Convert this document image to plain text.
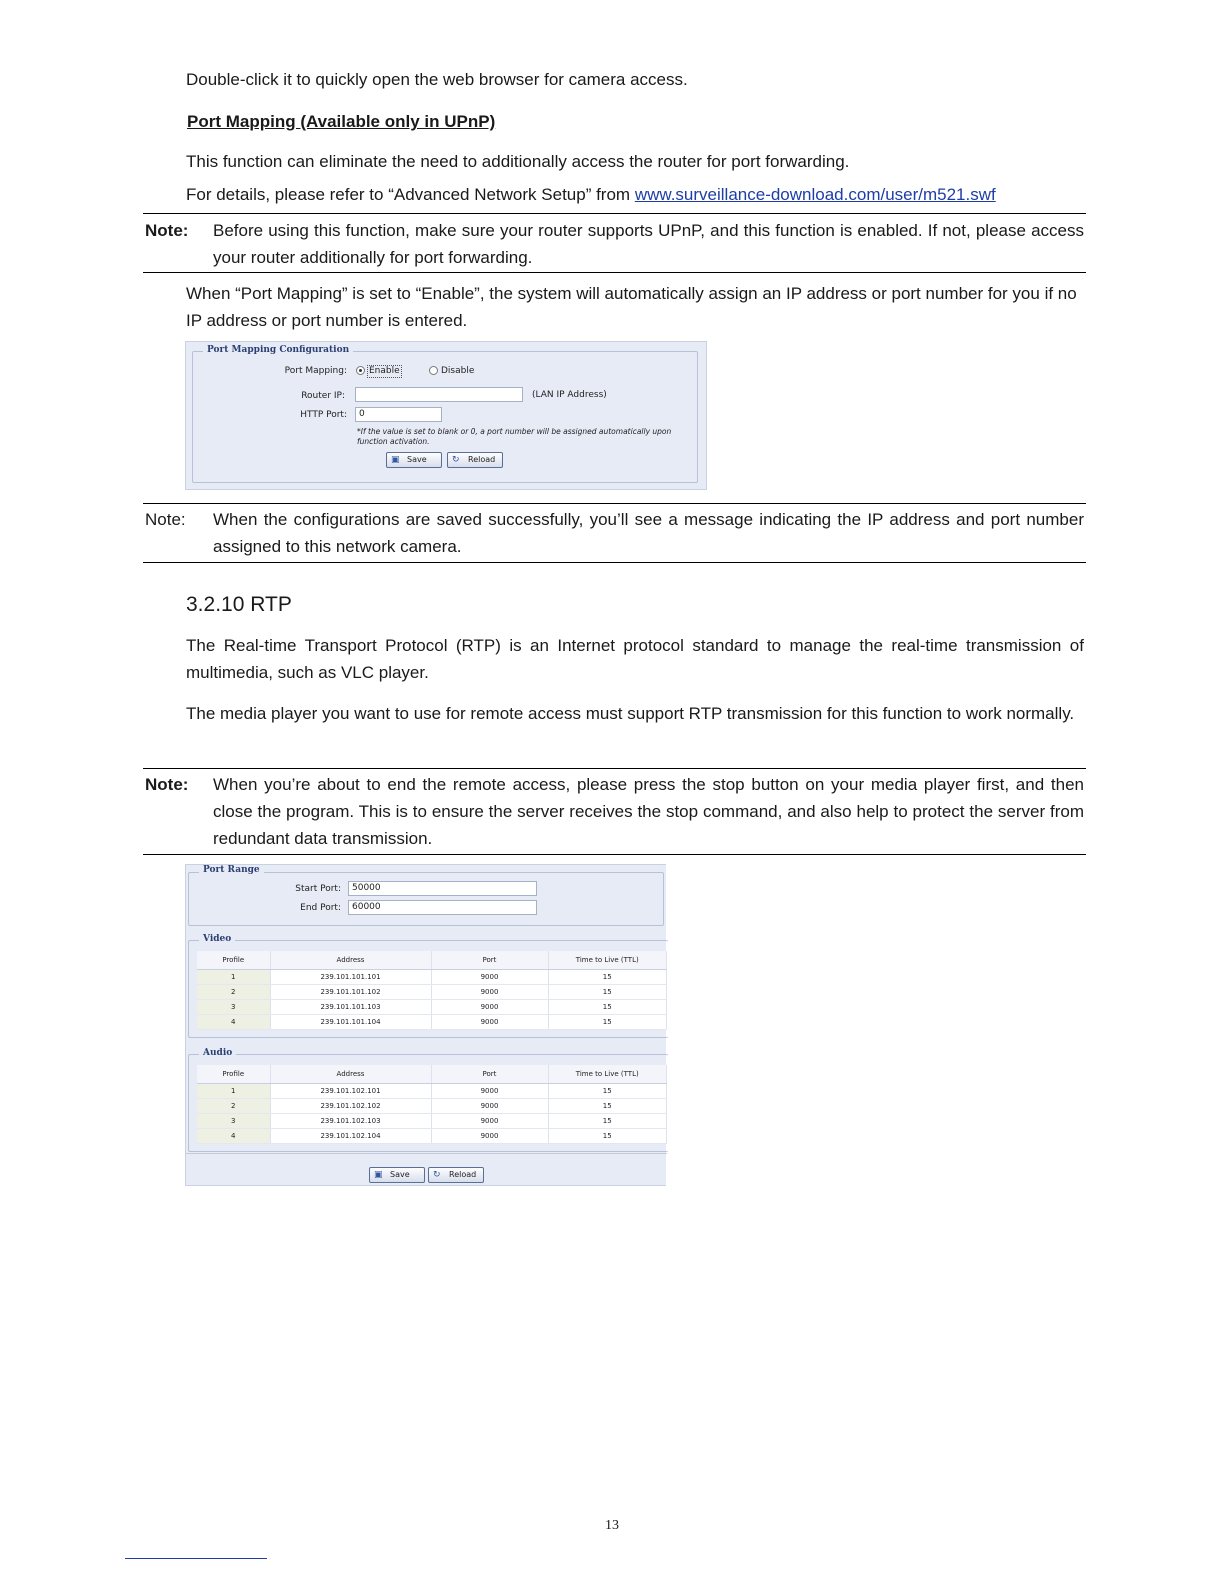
Double-click it to quickly open the web browser for camera access.
Port Mapping (Available only in UPnP)
This function can eliminate the need to additionally access the router for port forwarding.
For details, please refer to “Advanced Network Setup” from www.surveillance-download.com/user/m521.swf
Note: Before using this function, make sure your router supports UPnP, and this function is enabled. If not, please access your router additionally for port forwarding.
When “Port Mapping” is set to “Enable”, the system will automatically assign an IP address or port number for you if no IP address or port number is entered.
Port Mapping Configuration
Port Mapping: Enable	Disable
Router IP:	(LAN IP Address)
HTTP Port:	0
*If the value is set to blank or 0, a port number will be assigned automatically upon function activation.
▣ Save	↻	Reload
Note: When the configurations are saved successfully, you’ll see a message indicating the IP address and port number assigned to this network camera.
3.2.10 RTP
The Real-time Transport Protocol (RTP) is an Internet protocol standard to manage the real-time transmission of multimedia, such as VLC player.
The media player you want to use for remote access must support RTP transmission for this function to work normally.
Note: When you’re about to end the remote access, please press the stop button on your media player first, and then close the program. This is to ensure the server receives the stop command, and also help to protect the server from redundant data transmission.
Port Range
Start Port:	50000
End Port:	60000
Video
Profile	Address	Port	Time to Live (TTL)
1	239.101.101.101	9000	15
2	239.101.101.102	9000	15
3	239.101.101.103	9000	15
4	239.101.101.104	9000	15
Audio
Profile	Address	Port	Time to Live (TTL)
1	239.101.102.101	9000	15
2	239.101.102.102	9000	15
3	239.101.102.103	9000	15
4	239.101.102.104	9000	15
▣ Save	↻	Reload
13
